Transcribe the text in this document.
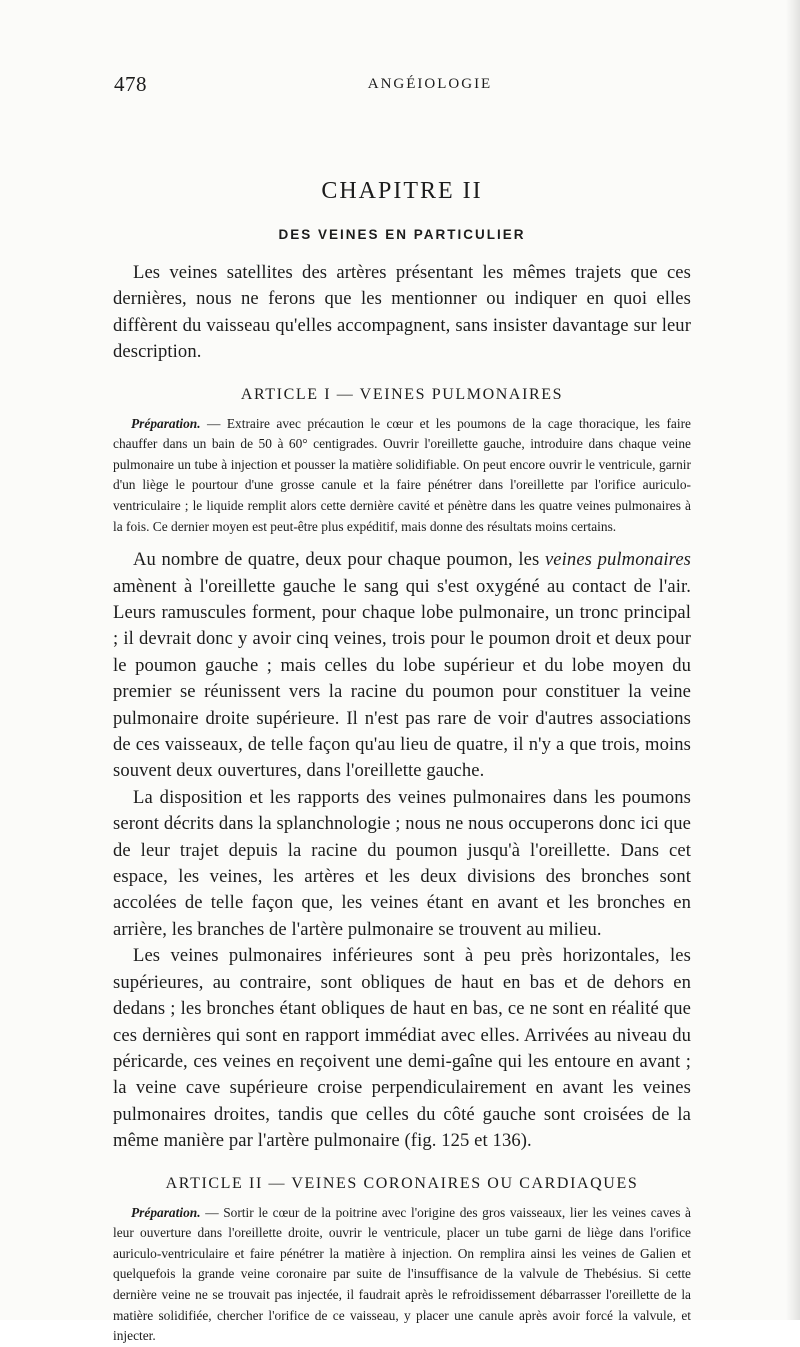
478	ANGÉIOLOGIE
CHAPITRE II
DES VEINES EN PARTICULIER

Les veines satellites des artères présentant les mêmes trajets que ces dernières, nous ne ferons que les mentionner ou indiquer en quoi elles diffèrent du vaisseau qu'elles accompagnent, sans insister davantage sur leur description.

ARTICLE I — VEINES PULMONAIRES

Préparation. — Extraire avec précaution le cœur et les poumons de la cage thoracique, les faire chauffer dans un bain de 50 à 60° centigrades. Ouvrir l'oreillette gauche, introduire dans chaque veine pulmonaire un tube à injection et pousser la matière solidifiable. On peut encore ouvrir le ventricule, garnir d'un liège le pourtour d'une grosse canule et la faire pénétrer dans l'oreillette par l'orifice auriculo-ventriculaire ; le liquide remplit alors cette dernière cavité et pénètre dans les quatre veines pulmonaires à la fois. Ce dernier moyen est peut-être plus expéditif, mais donne des résultats moins certains.

Au nombre de quatre, deux pour chaque poumon, les veines pulmonaires amènent à l'oreillette gauche le sang qui s'est oxygéné au contact de l'air. Leurs ramuscules forment, pour chaque lobe pulmonaire, un tronc principal ; il devrait donc y avoir cinq veines, trois pour le poumon droit et deux pour le poumon gauche ; mais celles du lobe supérieur et du lobe moyen du premier se réunissent vers la racine du poumon pour constituer la veine pulmonaire droite supérieure. Il n'est pas rare de voir d'autres associations de ces vaisseaux, de telle façon qu'au lieu de quatre, il n'y a que trois, moins souvent deux ouvertures, dans l'oreillette gauche.

La disposition et les rapports des veines pulmonaires dans les poumons seront décrits dans la splanchnologie ; nous ne nous occuperons donc ici que de leur trajet depuis la racine du poumon jusqu'à l'oreillette. Dans cet espace, les veines, les artères et les deux divisions des bronches sont accolées de telle façon que, les veines étant en avant et les bronches en arrière, les branches de l'artère pulmonaire se trouvent au milieu.

Les veines pulmonaires inférieures sont à peu près horizontales, les supérieures, au contraire, sont obliques de haut en bas et de dehors en dedans ; les bronches étant obliques de haut en bas, ce ne sont en réalité que ces dernières qui sont en rapport immédiat avec elles. Arrivées au niveau du péricarde, ces veines en reçoivent une demi-gaîne qui les entoure en avant ; la veine cave supérieure croise perpendiculairement en avant les veines pulmonaires droites, tandis que celles du côté gauche sont croisées de la même manière par l'artère pulmonaire (fig. 125 et 136).

ARTICLE II — VEINES CORONAIRES OU CARDIAQUES

Préparation. — Sortir le cœur de la poitrine avec l'origine des gros vaisseaux, lier les veines caves à leur ouverture dans l'oreillette droite, ouvrir le ventricule, placer un tube garni de liège dans l'orifice auriculo-ventriculaire et faire pénétrer la matière à injection. On remplira ainsi les veines de Galien et quelquefois la grande veine coronaire par suite de l'insuffisance de la valvule de Thebésius. Si cette dernière veine ne se trouvait pas injectée, il faudrait après le refroidissement débarrasser l'oreillette de la matière solidifiée, chercher l'orifice de ce vaisseau, y placer une canule après avoir forcé la valvule, et injecter.
